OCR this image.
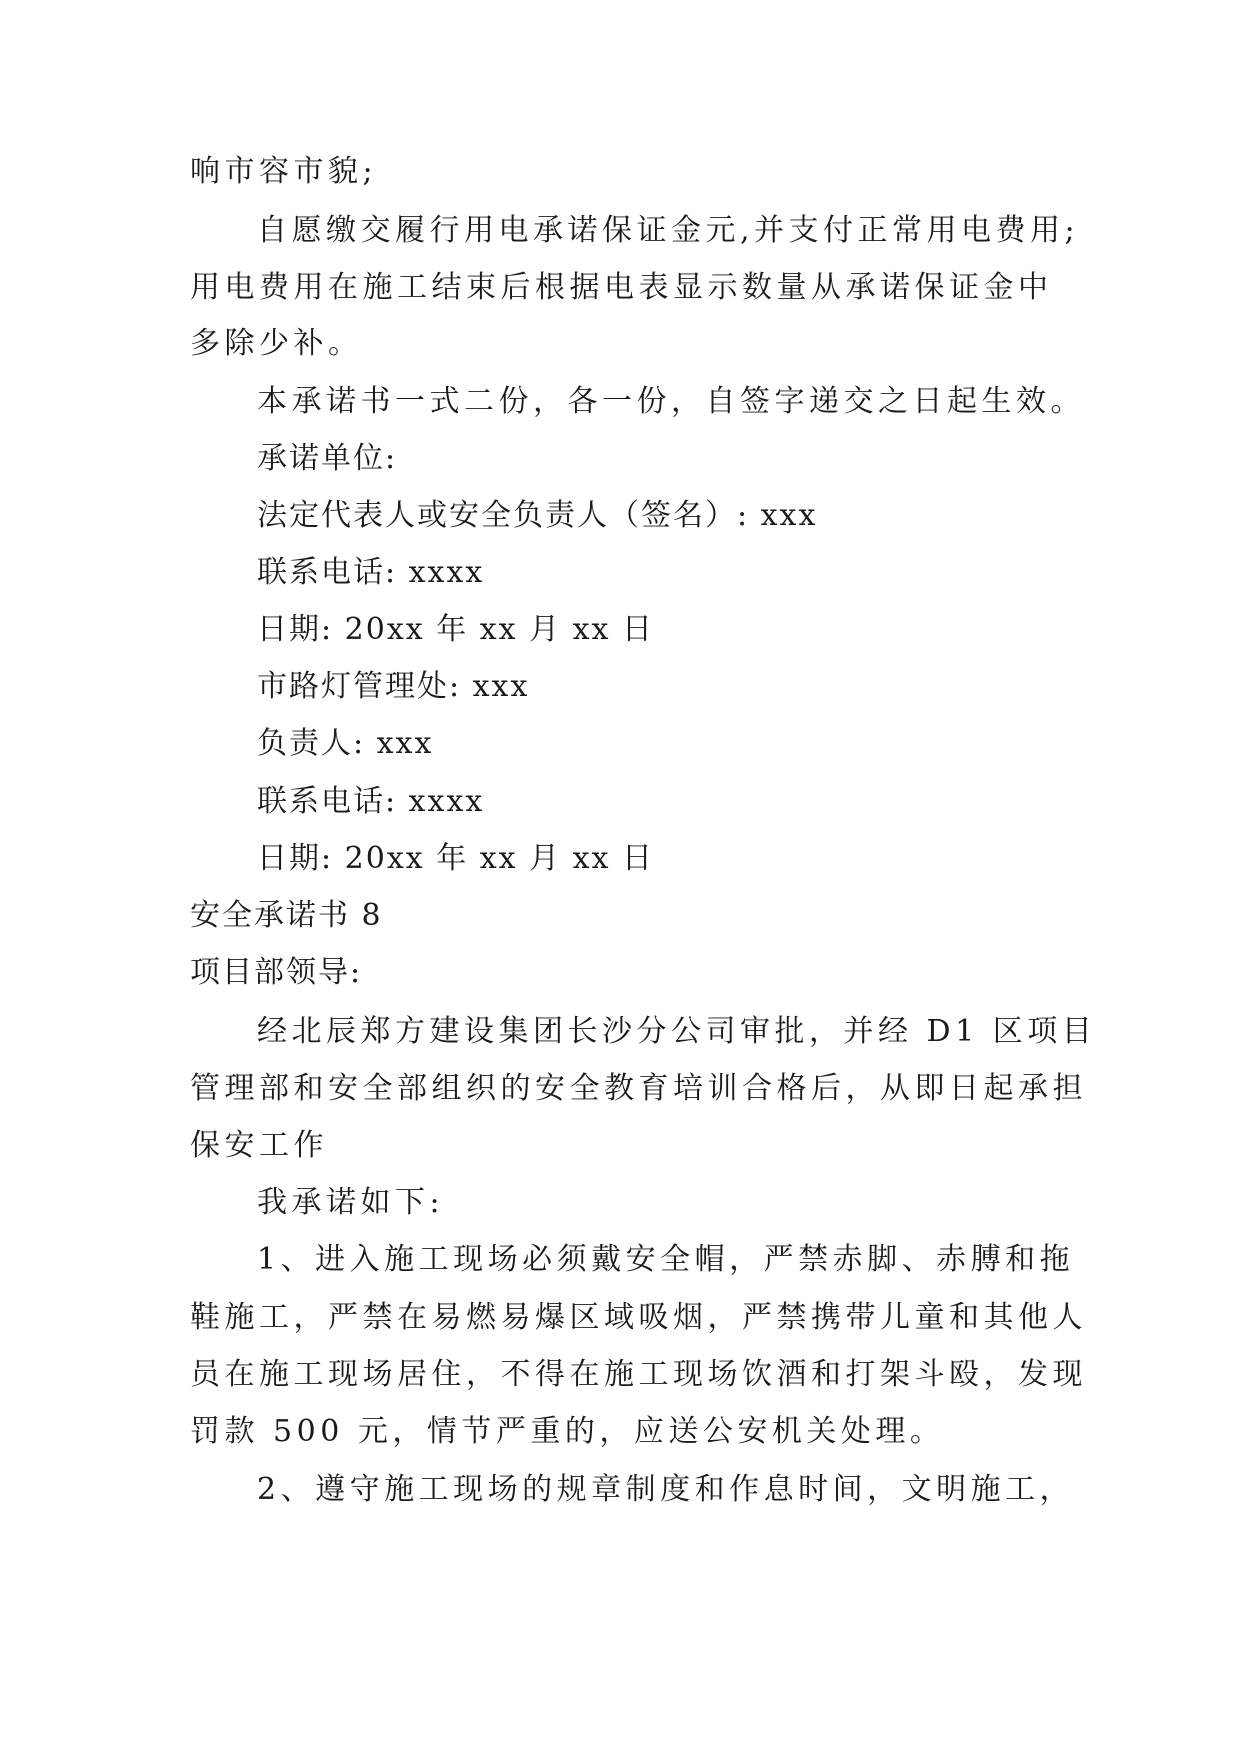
响市容市貌;
自愿缴交履行用电承诺保证金元,并支付正常用电费用;
用电费用在施工结束后根据电表显示数量从承诺保证金中
多除少补。
本承诺书一式二份，各一份，自签字递交之日起生效。
承诺单位:
法定代表人或安全负责人（签名）: xxx
联系电话: xxxx
日期: 20xx 年 xx 月 xx 日
市路灯管理处: xxx
负责人: xxx
联系电话: xxxx
日期: 20xx 年 xx 月 xx 日
安全承诺书 8
项目部领导:
经北辰郑方建设集团长沙分公司审批，并经 D1 区项目
管理部和安全部组织的安全教育培训合格后，从即日起承担
保安工作
我承诺如下:
1、进入施工现场必须戴安全帽，严禁赤脚、赤膊和拖
鞋施工，严禁在易燃易爆区域吸烟，严禁携带儿童和其他人
员在施工现场居住，不得在施工现场饮酒和打架斗殴，发现
罚款 500 元，情节严重的，应送公安机关处理。
2、遵守施工现场的规章制度和作息时间，文明施工，
